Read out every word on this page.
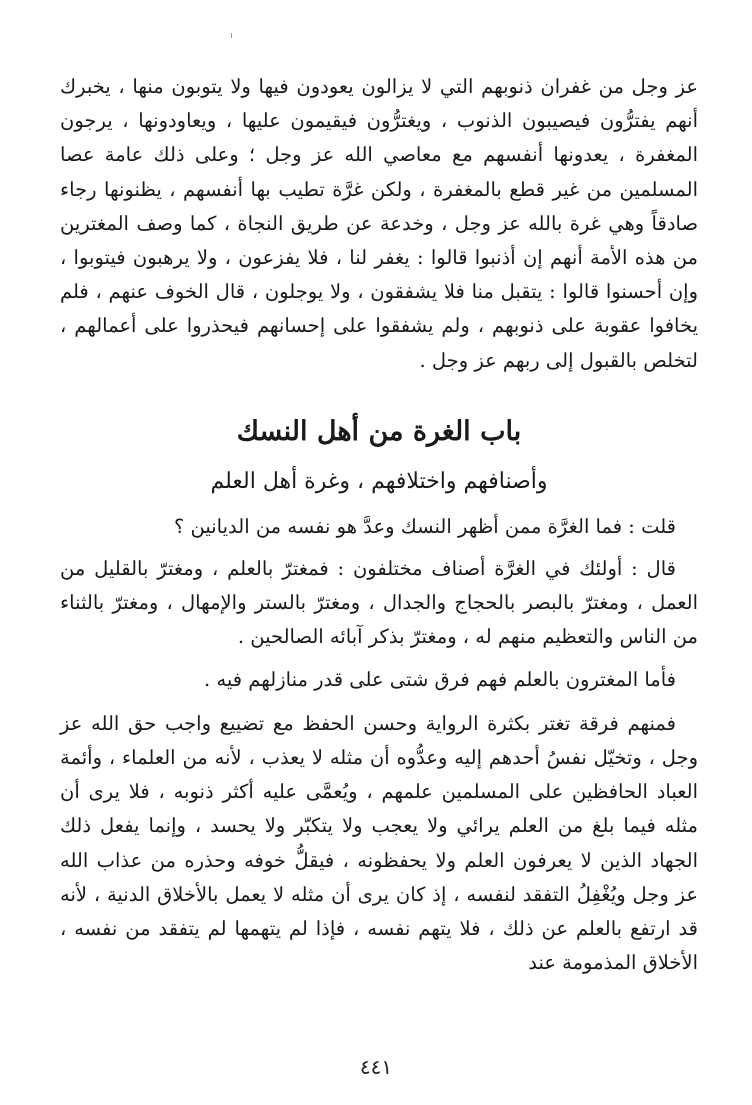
عز وجل من غفران ذنوبهم التي لا يزالون يعودون فيها ولا يتوبون منها ، يخبرك أنهم يفترُّون فيصيبون الذنوب ، ويغترُّون فيقيمون عليها ، ويعاودونها ، يرجون المغفرة ، يعدونها أنفسهم مع معاصي الله عز وجل ؛ وعلى ذلك عامة عصا المسلمين من غير قطع بالمغفرة ، ولكن غرَّة تطيب بها أنفسهم ، يظنونها رجاء صادقاً وهي غرة بالله عز وجل ، وخدعة عن طريق النجاة ، كما وصف المغترين من هذه الأمة أنهم إن أذنبوا قالوا : يغفر لنا ، فلا يفزعون ، ولا يرهبون فيتوبوا ، وإن أحسنوا قالوا : يتقبل منا فلا يشفقون ، ولا يوجلون ، قال الخوف عنهم ، فلم يخافوا عقوبة على ذنوبهم ، ولم يشفقوا على إحسانهم فيحذروا على أعمالهم ، لتخلص بالقبول إلى ربهم عز وجل .

باب الغرة من أهل النسك
وأصنافهم واختلافهم ، وغرة أهل العلم

قلت : فما الغرَّة ممن أظهر النسك وعدَّ هو نفسه من الديانين ؟

قال : أولئك في الغرَّة أصناف مختلفون : فمغترّ بالعلم ، ومغترّ بالقليل من العمل ، ومغترّ بالبصر بالحجاج والجدال ، ومغترّ بالستر والإمهال ، ومغترّ بالثناء من الناس والتعظيم منهم له ، ومغترّ بذكر آبائه الصالحين .

فأما المغترون بالعلم فهم فرق شتى على قدر منازلهم فيه .

فمنهم فرقة تغتر بكثرة الرواية وحسن الحفظ مع تضييع واجب حق الله عز وجل ، وتخيّل نفسُ أحدهم إليه وعدُّوه أن مثله لا يعذب ، لأنه من العلماء ، وأئمة العباد الحافظين على المسلمين علمهم ، ويُعمَّى عليه أكثر ذنوبه ، فلا يرى أن مثله فيما بلغ من العلم يرائي ولا يعجب ولا يتكبّر ولا يحسد ، وإنما يفعل ذلك الجهاد الذين لا يعرفون العلم ولا يحفظونه ، فيقلُّ خوفه وحذره من عذاب الله عز وجل ويُغْفِلُ التفقد لنفسه ، إذ كان يرى أن مثله لا يعمل بالأخلاق الدنية ، لأنه قد ارتفع بالعلم عن ذلك ، فلا يتهم نفسه ، فإذا لم يتهمها لم يتفقد من نفسه ، الأخلاق المذمومة عند

٤٤١
